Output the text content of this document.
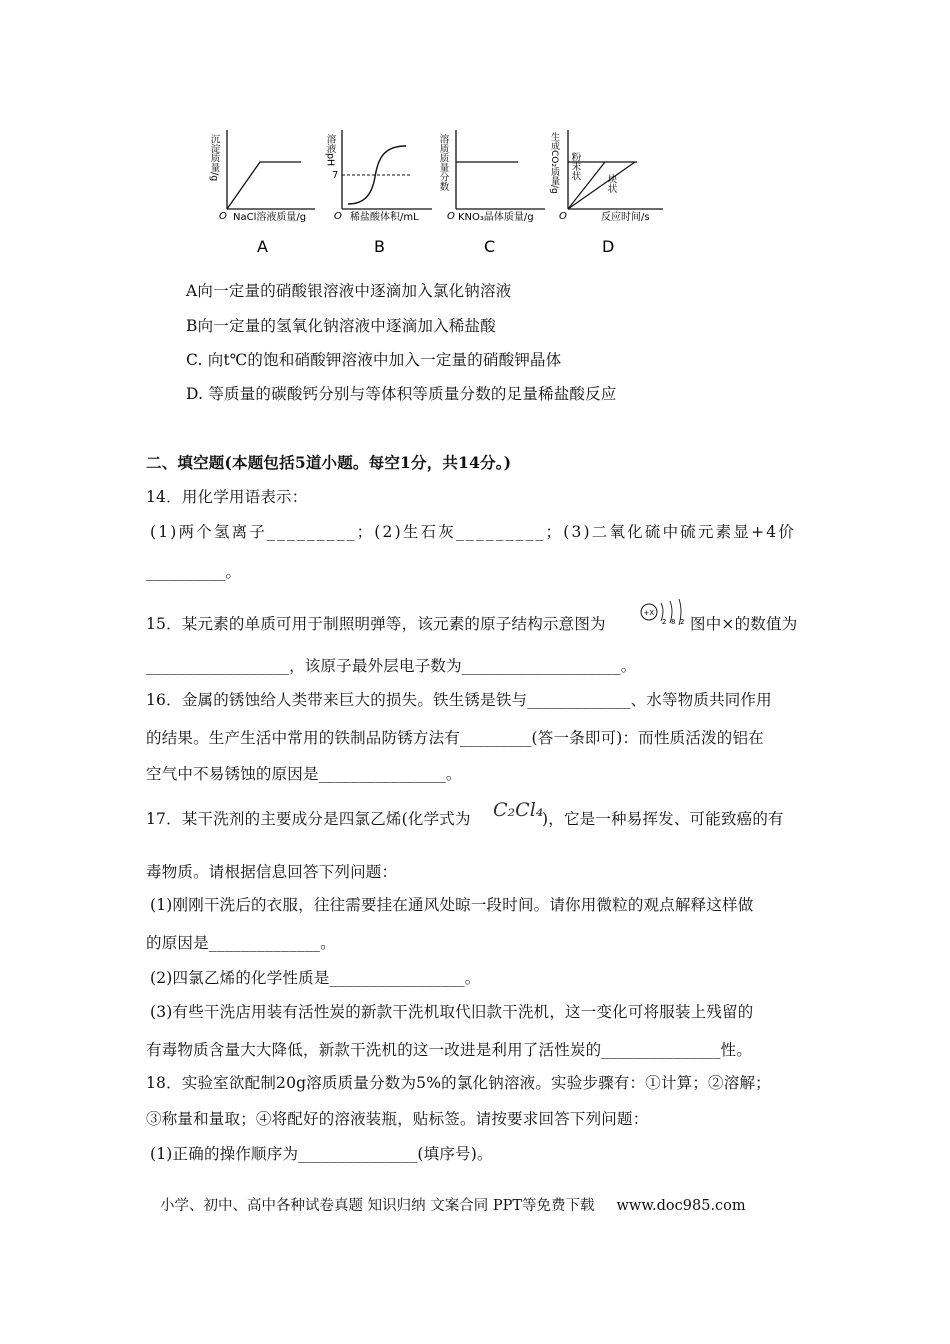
沉淀质量/g
O NaCl溶液质量/g
A
溶液pH
7
O 稀盐酸体积/mL
B
溶质质量分数
O KNO₃晶体质量/g
C
生成CO₂质量/g 粉末状
块状
O	反应时间/s
D
A向一定量的硝酸银溶液中逐滴加入氯化钠溶液
B向一定量的氢氧化钠溶液中逐滴加入稀盐酸
C. 向t℃的饱和硝酸钾溶液中加入一定量的硝酸钾晶体
D. 等质量的碳酸钙分别与等体积等质量分数的足量稀盐酸反应
二、填空题(本题包括5道小题。每空1分，共14分。)
14．用化学用语表示：
(1)两个氢离子_________；(2)生石灰_________；(3)二氧化硫中硫元素显+4价
__________。
15．某元素的单质可用于制照明弹等，该元素的原子结构示意图为
+X
2 8 2 图中×的数值为
__________________，该原子最外层电子数为____________________。
16．金属的锈蚀给人类带来巨大的损失。铁生锈是铁与_____________、水等物质共同作用
的结果。生产生活中常用的铁制品防锈方法有_________(答一条即可)：而性质活泼的铝在
空气中不易锈蚀的原因是________________。
17．某干洗剂的主要成分是四氯乙烯(化学式为 C₂Cl₄
)，它是一种易挥发、可能致癌的有
毒物质。请根据信息回答下列问题：
(1)刚刚干洗后的衣服，往往需要挂在通风处晾一段时间。请你用微粒的观点解释这样做
的原因是______________。
(2)四氯乙烯的化学性质是_________________。
(3)有些干洗店用装有活性炭的新款干洗机取代旧款干洗机，这一变化可将服装上残留的
有毒物质含量大大降低，新款干洗机的这一改进是利用了活性炭的_______________性。
18．实验室欲配制20g溶质质量分数为5%的氯化钠溶液。实验步骤有：①计算；②溶解；
③称量和量取；④将配好的溶液装瓶，贴标签。请按要求回答下列问题：
(1)正确的操作顺序为_______________(填序号)。
小学、初中、高中各种试卷真题 知识归纳 文案合同 PPT等免费下载 www.doc985.com
